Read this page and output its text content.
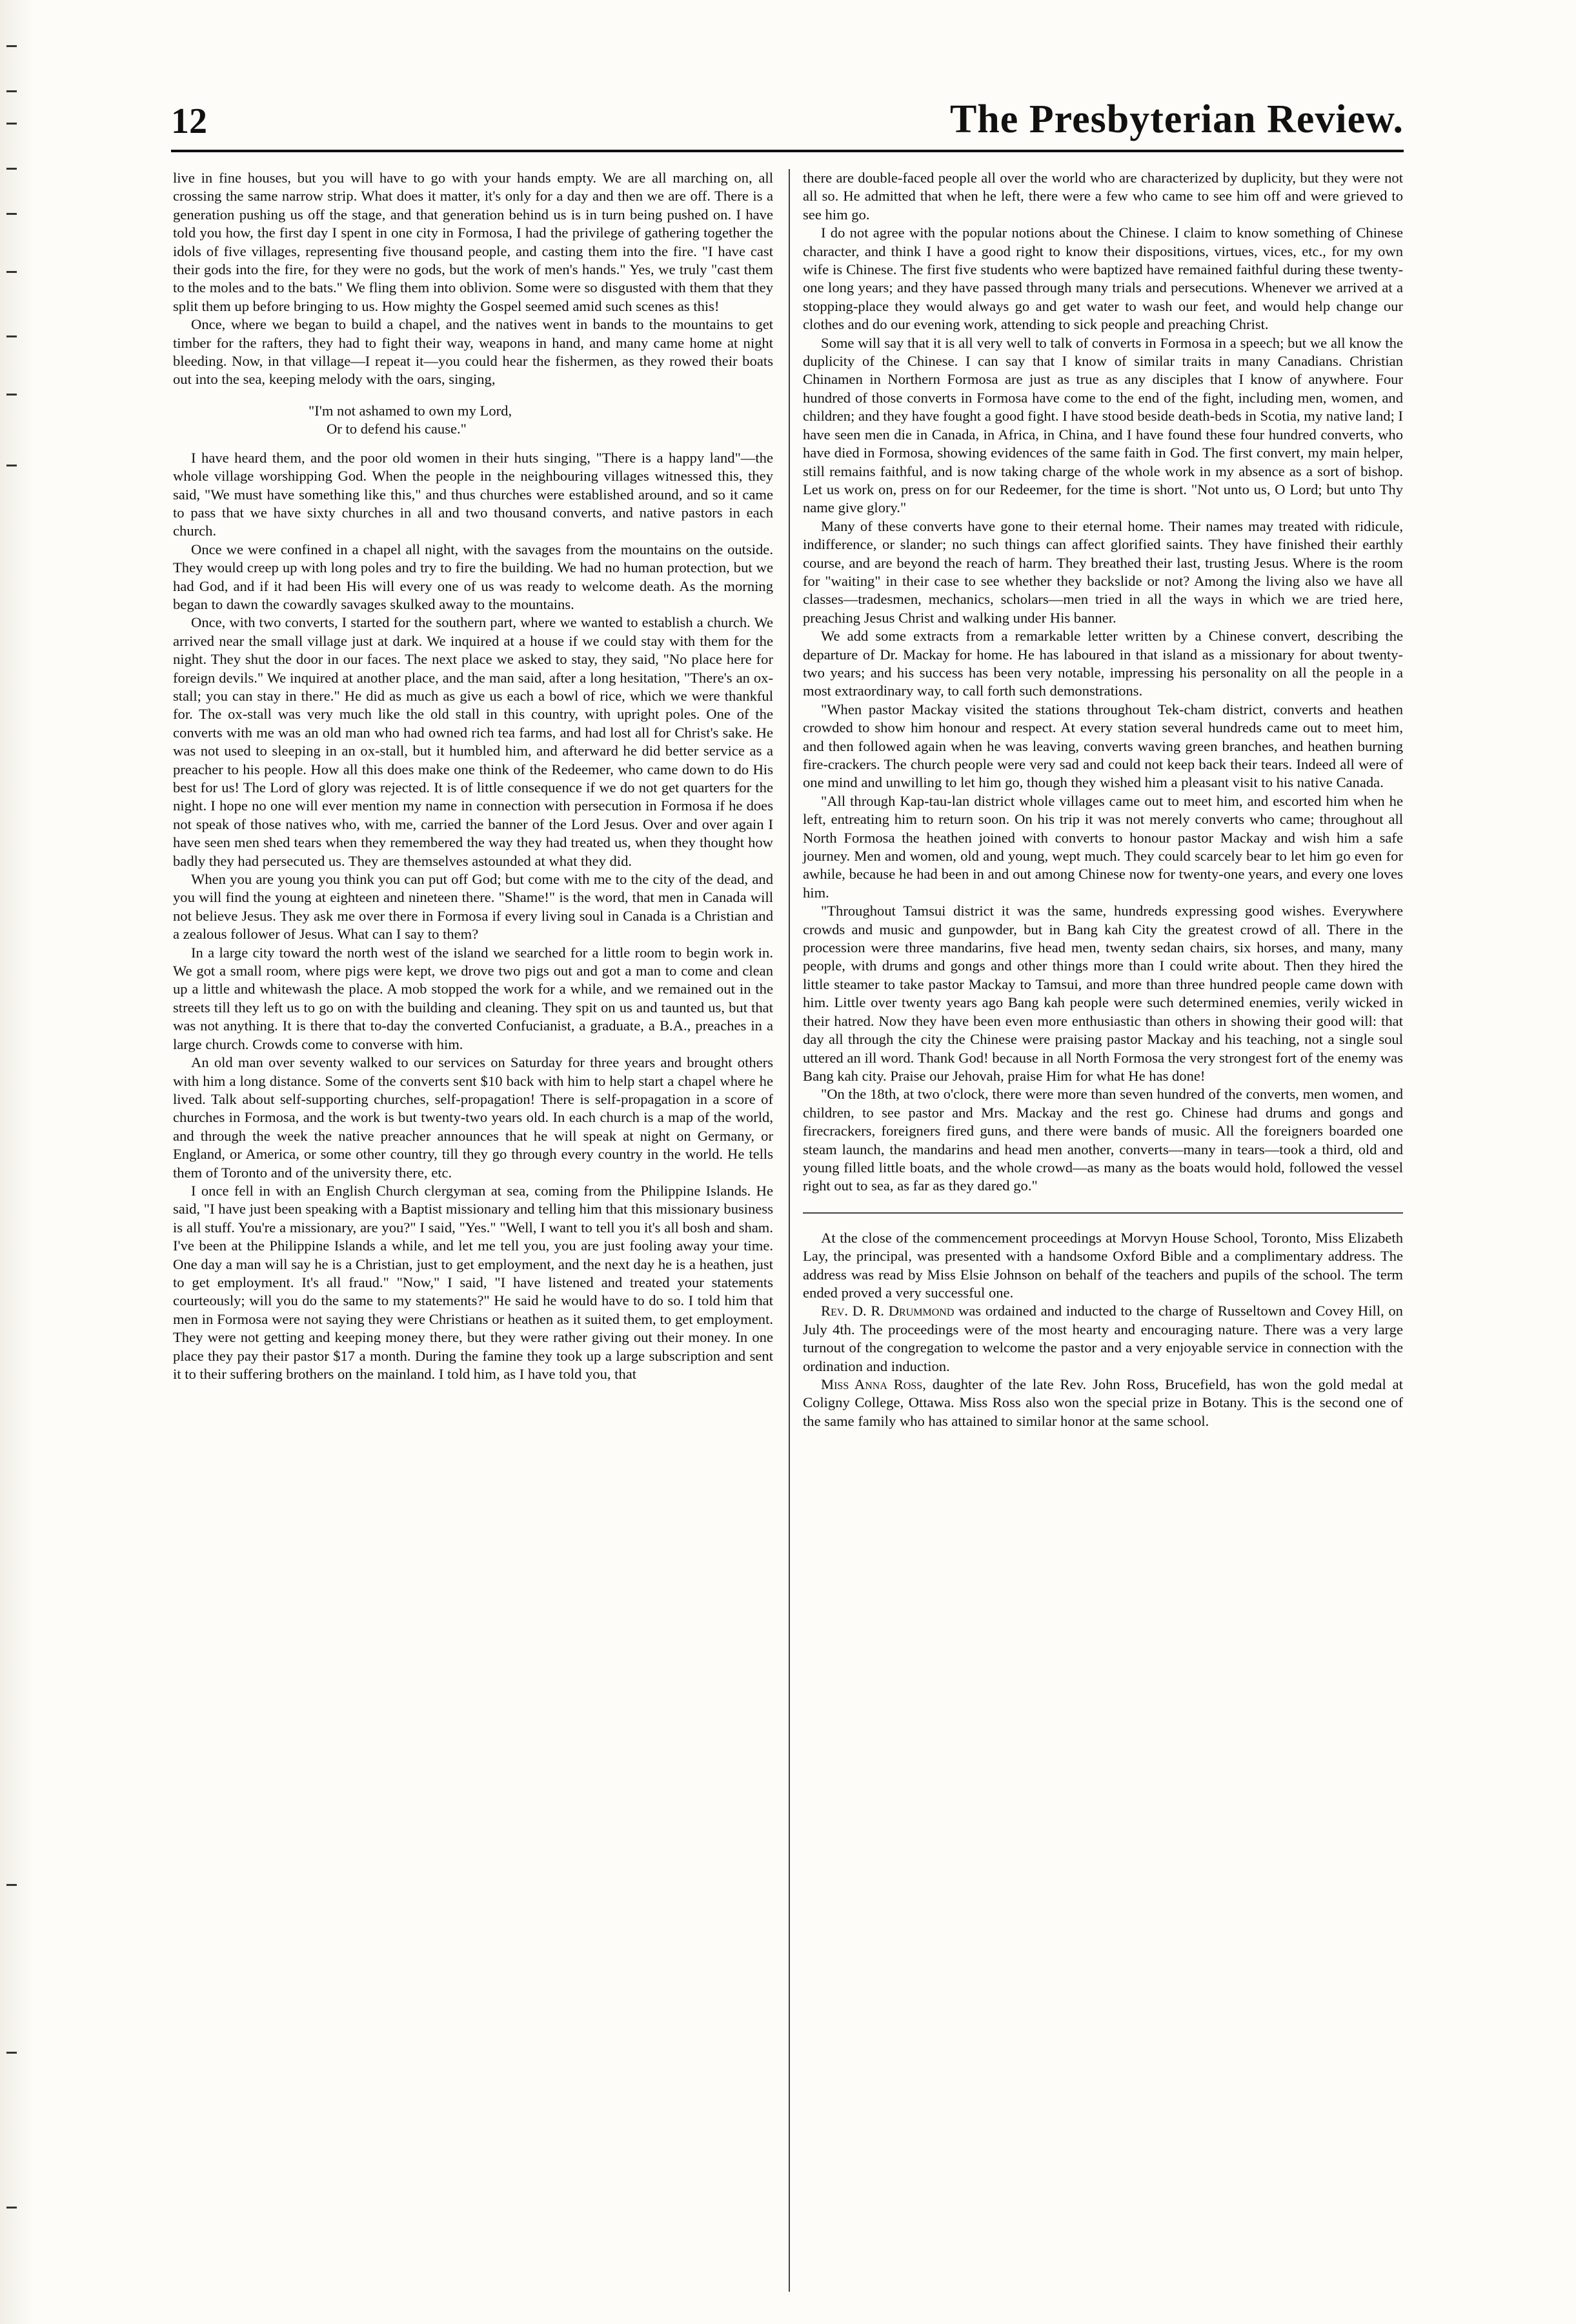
12	The Presbyterian Review.

live in fine houses, but you will have to go with your hands empty. We are all marching on, all crossing the same narrow strip. What does it matter, it's only for a day and then we are off. There is a generation pushing us off the stage, and that generation behind us is in turn being pushed on. I have told you how, the first day I spent in one city in Formosa, I had the privilege of gathering together the idols of five villages, representing five thousand people, and casting them into the fire. "I have cast their gods into the fire, for they were no gods, but the work of men's hands." Yes, we truly "cast them to the moles and to the bats." We fling them into oblivion. Some were so disgusted with them that they split them up before bringing to us. How mighty the Gospel seemed amid such scenes as this!

Once, where we began to build a chapel, and the natives went in bands to the mountains to get timber for the rafters, they had to fight their way, weapons in hand, and many came home at night bleeding. Now, in that village—I repeat it—you could hear the fishermen, as they rowed their boats out into the sea, keeping melody with the oars, singing,

"I'm not ashamed to own my Lord,
Or to defend his cause."

I have heard them, and the poor old women in their huts singing, "There is a happy land"—the whole village worshipping God. When the people in the neighbouring villages witnessed this, they said, "We must have something like this," and thus churches were established around, and so it came to pass that we have sixty churches in all and two thousand converts, and native pastors in each church.

Once we were confined in a chapel all night, with the savages from the mountains on the outside. They would creep up with long poles and try to fire the building. We had no human protection, but we had God, and if it had been His will every one of us was ready to welcome death. As the morning began to dawn the cowardly savages skulked away to the mountains.

Once, with two converts, I started for the southern part, where we wanted to establish a church. We arrived near the small village just at dark. We inquired at a house if we could stay with them for the night. They shut the door in our faces. The next place we asked to stay, they said, "No place here for foreign devils." We inquired at another place, and the man said, after a long hesitation, "There's an ox-stall; you can stay in there." He did as much as give us each a bowl of rice, which we were thankful for. The ox-stall was very much like the old stall in this country, with upright poles. One of the converts with me was an old man who had owned rich tea farms, and had lost all for Christ's sake. He was not used to sleeping in an ox-stall, but it humbled him, and afterward he did better service as a preacher to his people. How all this does make one think of the Redeemer, who came down to do His best for us! The Lord of glory was rejected. It is of little consequence if we do not get quarters for the night. I hope no one will ever mention my name in connection with persecution in Formosa if he does not speak of those natives who, with me, carried the banner of the Lord Jesus. Over and over again I have seen men shed tears when they remembered the way they had treated us, when they thought how badly they had persecuted us. They are themselves astounded at what they did.

When you are young you think you can put off God; but come with me to the city of the dead, and you will find the young at eighteen and nineteen there. "Shame!" is the word, that men in Canada will not believe Jesus. They ask me over there in Formosa if every living soul in Canada is a Christian and a zealous follower of Jesus. What can I say to them?

In a large city toward the north west of the island we searched for a little room to begin work in. We got a small room, where pigs were kept, we drove two pigs out and got a man to come and clean up a little and whitewash the place. A mob stopped the work for a while, and we remained out in the streets till they left us to go on with the building and cleaning. They spit on us and taunted us, but that was not anything. It is there that to-day the converted Confucianist, a graduate, a B.A., preaches in a large church. Crowds come to converse with him.

An old man over seventy walked to our services on Saturday for three years and brought others with him a long distance. Some of the converts sent $10 back with him to help start a chapel where he lived. Talk about self-supporting churches, self-propagation! There is self-propagation in a score of churches in Formosa, and the work is but twenty-two years old. In each church is a map of the world, and through the week the native preacher announces that he will speak at night on Germany, or England, or America, or some other country, till they go through every country in the world. He tells them of Toronto and of the university there, etc.

I once fell in with an English Church clergyman at sea, coming from the Philippine Islands. He said, "I have just been speaking with a Baptist missionary and telling him that this missionary business is all stuff. You're a missionary, are you?" I said, "Yes." "Well, I want to tell you it's all bosh and sham. I've been at the Philippine Islands a while, and let me tell you, you are just fooling away your time. One day a man will say he is a Christian, just to get employment, and the next day he is a heathen, just to get employment. It's all fraud." "Now," I said, "I have listened and treated your statements courteously; will you do the same to my statements?" He said he would have to do so. I told him that men in Formosa were not saying they were Christians or heathen as it suited them, to get employment. They were not getting and keeping money there, but they were rather giving out their money. In one place they pay their pastor $17 a month. During the famine they took up a large subscription and sent it to their suffering brothers on the mainland. I told him, as I have told you, that

there are double-faced people all over the world who are characterized by duplicity, but they were not all so. He admitted that when he left, there were a few who came to see him off and were grieved to see him go.

I do not agree with the popular notions about the Chinese. I claim to know something of Chinese character, and think I have a good right to know their dispositions, virtues, vices, etc., for my own wife is Chinese. The first five students who were baptized have remained faithful during these twenty-one long years; and they have passed through many trials and persecutions. Whenever we arrived at a stopping-place they would always go and get water to wash our feet, and would help change our clothes and do our evening work, attending to sick people and preaching Christ.

Some will say that it is all very well to talk of converts in Formosa in a speech; but we all know the duplicity of the Chinese. I can say that I know of similar traits in many Canadians. Christian Chinamen in Northern Formosa are just as true as any disciples that I know of anywhere. Four hundred of those converts in Formosa have come to the end of the fight, including men, women, and children; and they have fought a good fight. I have stood beside death-beds in Scotia, my native land; I have seen men die in Canada, in Africa, in China, and I have found these four hundred converts, who have died in Formosa, showing evidences of the same faith in God. The first convert, my main helper, still remains faithful, and is now taking charge of the whole work in my absence as a sort of bishop. Let us work on, press on for our Redeemer, for the time is short. "Not unto us, O Lord; but unto Thy name give glory."

Many of these converts have gone to their eternal home. Their names may treated with ridicule, indifference, or slander; no such things can affect glorified saints. They have finished their earthly course, and are beyond the reach of harm. They breathed their last, trusting Jesus. Where is the room for "waiting" in their case to see whether they backslide or not? Among the living also we have all classes—tradesmen, mechanics, scholars—men tried in all the ways in which we are tried here, preaching Jesus Christ and walking under His banner.

We add some extracts from a remarkable letter written by a Chinese convert, describing the departure of Dr. Mackay for home. He has laboured in that island as a missionary for about twenty-two years; and his success has been very notable, impressing his personality on all the people in a most extraordinary way, to call forth such demonstrations.

"When pastor Mackay visited the stations throughout Tek-cham district, converts and heathen crowded to show him honour and respect. At every station several hundreds came out to meet him, and then followed again when he was leaving, converts waving green branches, and heathen burning fire-crackers. The church people were very sad and could not keep back their tears. Indeed all were of one mind and unwilling to let him go, though they wished him a pleasant visit to his native Canada.

"All through Kap-tau-lan district whole villages came out to meet him, and escorted him when he left, entreating him to return soon. On his trip it was not merely converts who came; throughout all North Formosa the heathen joined with converts to honour pastor Mackay and wish him a safe journey. Men and women, old and young, wept much. They could scarcely bear to let him go even for awhile, because he had been in and out among Chinese now for twenty-one years, and every one loves him.

"Throughout Tamsui district it was the same, hundreds expressing good wishes. Everywhere crowds and music and gunpowder, but in Bang kah City the greatest crowd of all. There in the procession were three mandarins, five head men, twenty sedan chairs, six horses, and many, many people, with drums and gongs and other things more than I could write about. Then they hired the little steamer to take pastor Mackay to Tamsui, and more than three hundred people came down with him. Little over twenty years ago Bang kah people were such determined enemies, verily wicked in their hatred. Now they have been even more enthusiastic than others in showing their good will: that day all through the city the Chinese were praising pastor Mackay and his teaching, not a single soul uttered an ill word. Thank God! because in all North Formosa the very strongest fort of the enemy was Bang kah city. Praise our Jehovah, praise Him for what He has done!

"On the 18th, at two o'clock, there were more than seven hundred of the converts, men women, and children, to see pastor and Mrs. Mackay and the rest go. Chinese had drums and gongs and firecrackers, foreigners fired guns, and there were bands of music. All the foreigners boarded one steam launch, the mandarins and head men another, converts—many in tears—took a third, old and young filled little boats, and the whole crowd—as many as the boats would hold, followed the vessel right out to sea, as far as they dared go."

At the close of the commencement proceedings at Morvyn House School, Toronto, Miss Elizabeth Lay, the principal, was presented with a handsome Oxford Bible and a complimentary address. The address was read by Miss Elsie Johnson on behalf of the teachers and pupils of the school. The term ended proved a very successful one.

Rev. D. R. Drummond was ordained and inducted to the charge of Russeltown and Covey Hill, on July 4th. The proceedings were of the most hearty and encouraging nature. There was a very large turnout of the congregation to welcome the pastor and a very enjoyable service in connection with the ordination and induction.

Miss Anna Ross, daughter of the late Rev. John Ross, Brucefield, has won the gold medal at Coligny College, Ottawa. Miss Ross also won the special prize in Botany. This is the second one of the same family who has attained to similar honor at the same school.
